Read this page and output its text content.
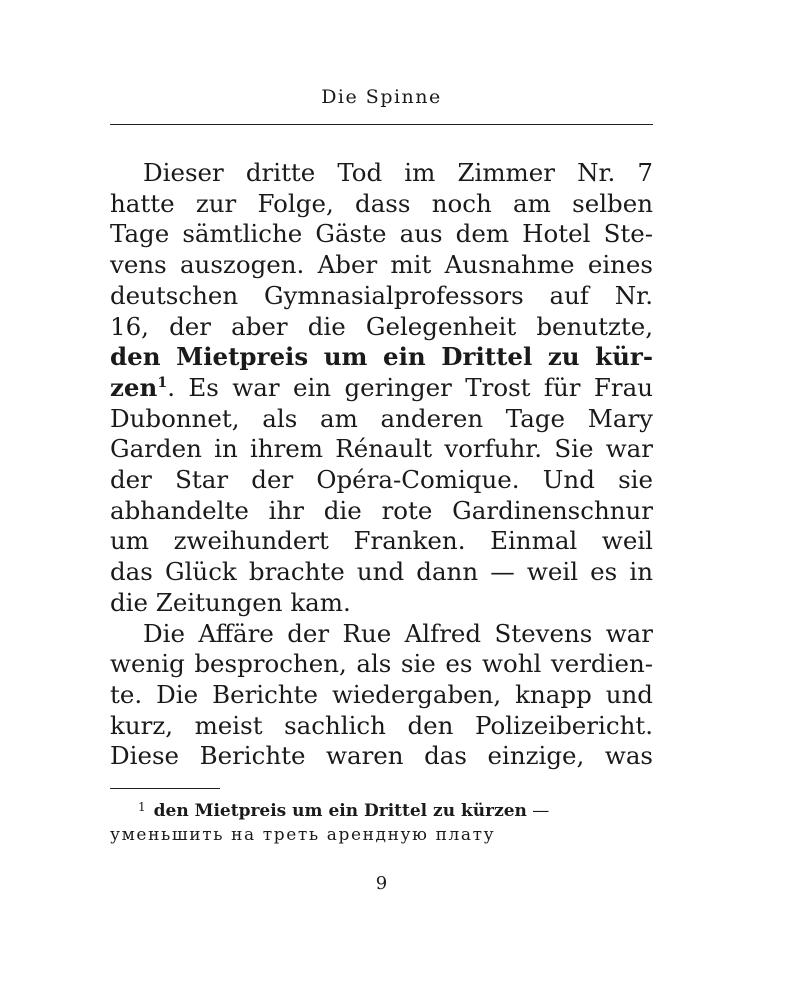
Die Spinne
Dieser dritte Tod im Zimmer Nr. 7
hatte zur Folge, dass noch am selben
Tage sämtliche Gäste aus dem Hotel Ste-
vens auszogen. Aber mit Ausnahme eines
deutschen Gymnasialprofessors auf Nr.
16, der aber die Gelegenheit benutzte,
den Mietpreis um ein Drittel zu kür-
zen$^1$. Es war ein geringer Trost für Frau
Dubonnet, als am anderen Tage Mary
Garden in ihrem Rénault vorfuhr. Sie war
der Star der Opéra-Comique. Und sie
abhandelte ihr die rote Gardinenschnur
um zweihundert Franken. Einmal weil
das Glück brachte und dann — weil es in
die Zeitungen kam.
Die Affäre der Rue Alfred Stevens war
wenig besprochen, als sie es wohl verdien-
te. Die Berichte wiedergaben, knapp und
kurz, meist sachlich den Polizeibericht.
Diese Berichte waren das einzige, was
$^1$ den Mietpreis um ein Drittel zu kürzen —
уменьшить на треть арендную плату
9
